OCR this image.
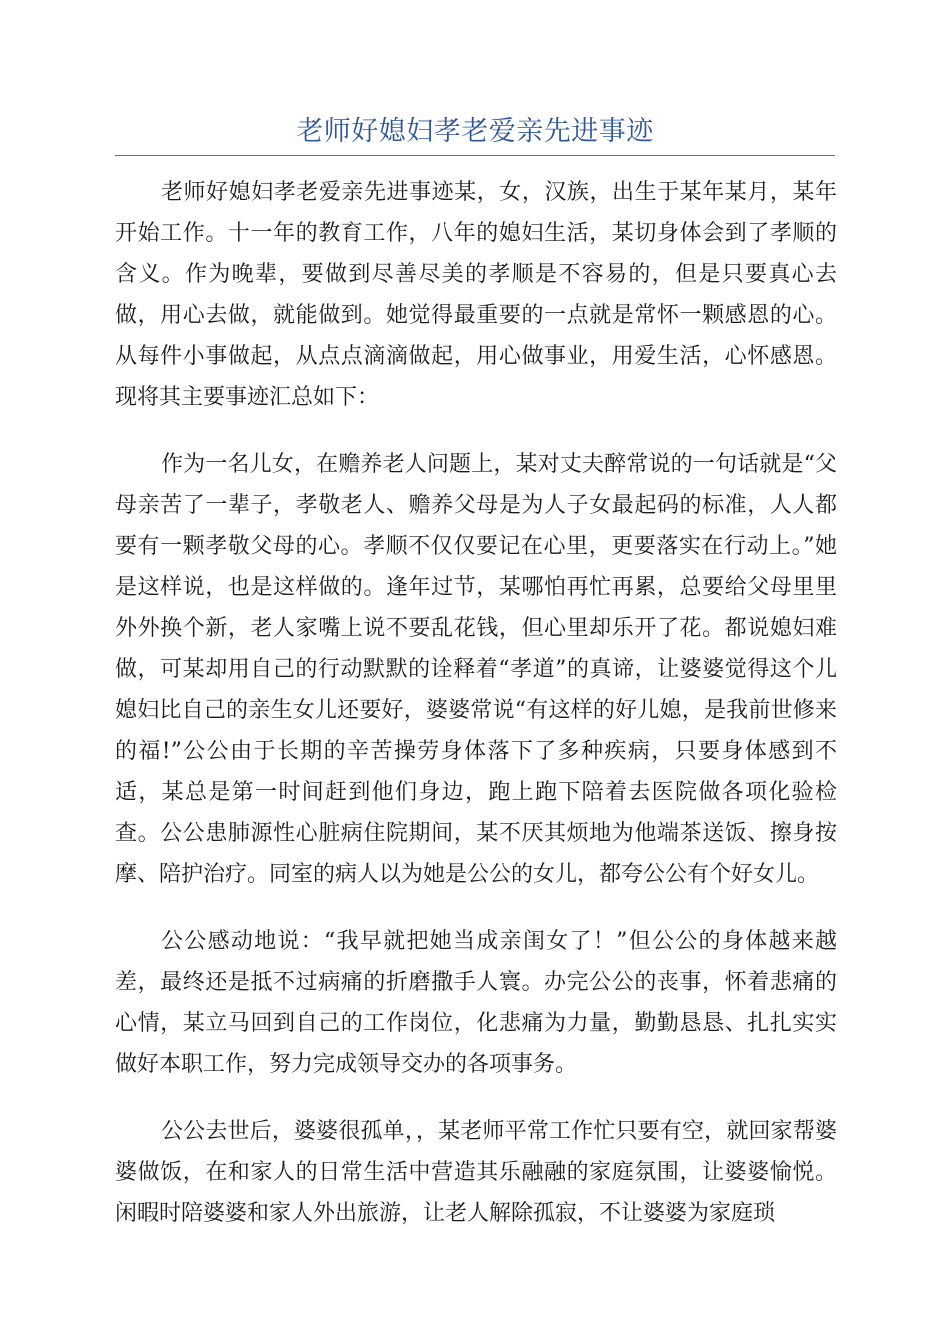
老师好媳妇孝老爱亲先进事迹

老师好媳妇孝老爱亲先进事迹某，女，汉族，出生于某年某月，某年开始工作。十一年的教育工作，八年的媳妇生活，某切身体会到了孝顺的含义。作为晚辈，要做到尽善尽美的孝顺是不容易的，但是只要真心去做，用心去做，就能做到。她觉得最重要的一点就是常怀一颗感恩的心。从每件小事做起，从点点滴滴做起，用心做事业，用爱生活，心怀感恩。现将其主要事迹汇总如下：

作为一名儿女，在赡养老人问题上，某对丈夫醉常说的一句话就是“父母亲苦了一辈子，孝敬老人、赡养父母是为人子女最起码的标准，人人都要有一颗孝敬父母的心。孝顺不仅仅要记在心里，更要落实在行动上。”她是这样说，也是这样做的。逢年过节，某哪怕再忙再累，总要给父母里里外外换个新，老人家嘴上说不要乱花钱，但心里却乐开了花。都说媳妇难做，可某却用自己的行动默默的诠释着“孝道”的真谛，让婆婆觉得这个儿媳妇比自己的亲生女儿还要好，婆婆常说“有这样的好儿媳，是我前世修来的福!”公公由于长期的辛苦操劳身体落下了多种疾病，只要身体感到不适，某总是第一时间赶到他们身边，跑上跑下陪着去医院做各项化验检查。公公患肺源性心脏病住院期间，某不厌其烦地为他端茶送饭、擦身按摩、陪护治疗。同室的病人以为她是公公的女儿，都夸公公有个好女儿。

公公感动地说：“我早就把她当成亲闺女了！”但公公的身体越来越差，最终还是抵不过病痛的折磨撒手人寰。办完公公的丧事，怀着悲痛的心情，某立马回到自己的工作岗位，化悲痛为力量，勤勤恳恳、扎扎实实做好本职工作，努力完成领导交办的各项事务。

公公去世后，婆婆很孤单，，某老师平常工作忙只要有空，就回家帮婆婆做饭，在和家人的日常生活中营造其乐融融的家庭氛围，让婆婆愉悦。闲暇时陪婆婆和家人外出旅游，让老人解除孤寂，不让婆婆为家庭琐
